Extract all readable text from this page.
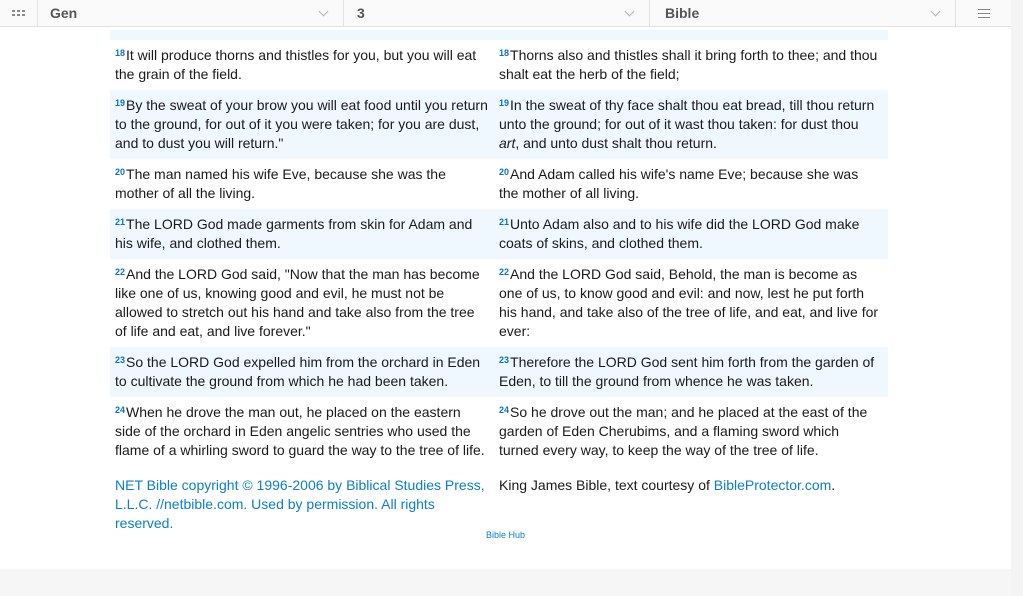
Gen	3	Bible
$^{18}$It will produce thorns and thistles for you, but you will eat the grain of the field.
$^{18}$Thorns also and thistles shall it bring forth to thee; and thou shalt eat the herb of the field;
$^{19}$By the sweat of your brow you will eat food until you return to the ground, for out of it you were taken; for you are dust, and to dust you will return."
$^{19}$In the sweat of thy face shalt thou eat bread, till thou return unto the ground; for out of it wast thou taken: for dust thou art, and unto dust shalt thou return.
$^{20}$The man named his wife Eve, because she was the mother of all the living.
$^{20}$And Adam called his wife's name Eve; because she was the mother of all living.
$^{21}$The LORD God made garments from skin for Adam and his wife, and clothed them.
$^{21}$Unto Adam also and to his wife did the LORD God make coats of skins, and clothed them.
$^{22}$And the LORD God said, "Now that the man has become like one of us, knowing good and evil, he must not be allowed to stretch out his hand and take also from the tree of life and eat, and live forever."
$^{22}$And the LORD God said, Behold, the man is become as one of us, to know good and evil: and now, lest he put forth his hand, and take also of the tree of life, and eat, and live for ever:
$^{23}$So the LORD God expelled him from the orchard in Eden to cultivate the ground from which he had been taken.
$^{23}$Therefore the LORD God sent him forth from the garden of Eden, to till the ground from whence he was taken.
$^{24}$When he drove the man out, he placed on the eastern side of the orchard in Eden angelic sentries who used the flame of a whirling sword to guard the way to the tree of life.
$^{24}$So he drove out the man; and he placed at the east of the garden of Eden Cherubims, and a flaming sword which turned every way, to keep the way of the tree of life.
NET Bible copyright © 1996-2006 by Biblical Studies Press, L.L.C. //netbible.com. Used by permission. All rights reserved.
King James Bible, text courtesy of BibleProtector.com.
Bible Hub
